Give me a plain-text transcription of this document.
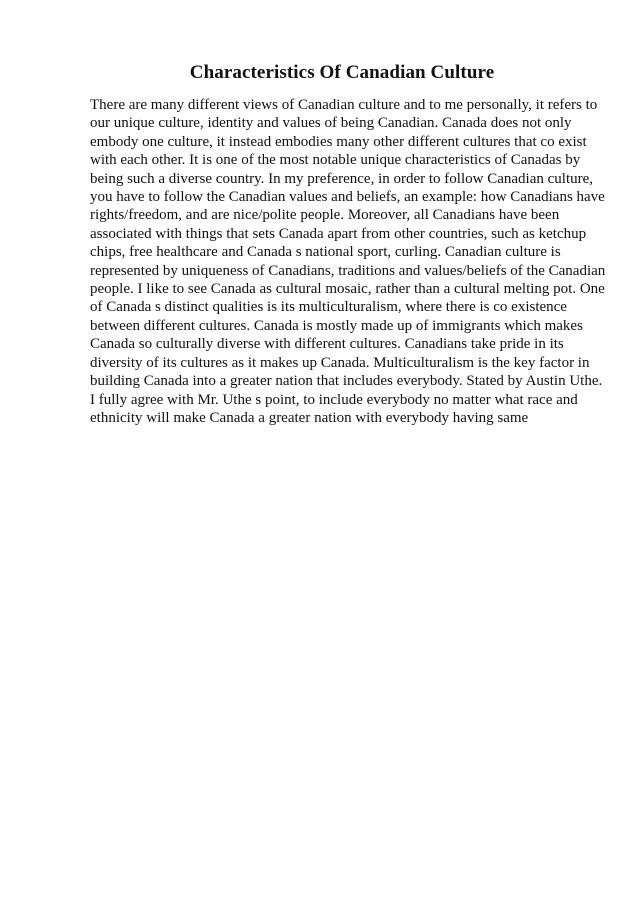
Characteristics Of Canadian Culture

There are many different views of Canadian culture and to me personally, it refers to
our unique culture, identity and values of being Canadian. Canada does not only
embody one culture, it instead embodies many other different cultures that co exist
with each other. It is one of the most notable unique characteristics of Canadas by
being such a diverse country. In my preference, in order to follow Canadian culture,
you have to follow the Canadian values and beliefs, an example: how Canadians have
rights/freedom, and are nice/polite people. Moreover, all Canadians have been
associated with things that sets Canada apart from other countries, such as ketchup
chips, free healthcare and Canada s national sport, curling. Canadian culture is
represented by uniqueness of Canadians, traditions and values/beliefs of the Canadian
people. I like to see Canada as cultural mosaic, rather than a cultural melting pot. One
of Canada s distinct qualities is its multiculturalism, where there is co existence
between different cultures. Canada is mostly made up of immigrants which makes
Canada so culturally diverse with different cultures. Canadians take pride in its
diversity of its cultures as it makes up Canada. Multiculturalism is the key factor in
building Canada into a greater nation that includes everybody. Stated by Austin Uthe.
I fully agree with Mr. Uthe s point, to include everybody no matter what race and
ethnicity will make Canada a greater nation with everybody having same
